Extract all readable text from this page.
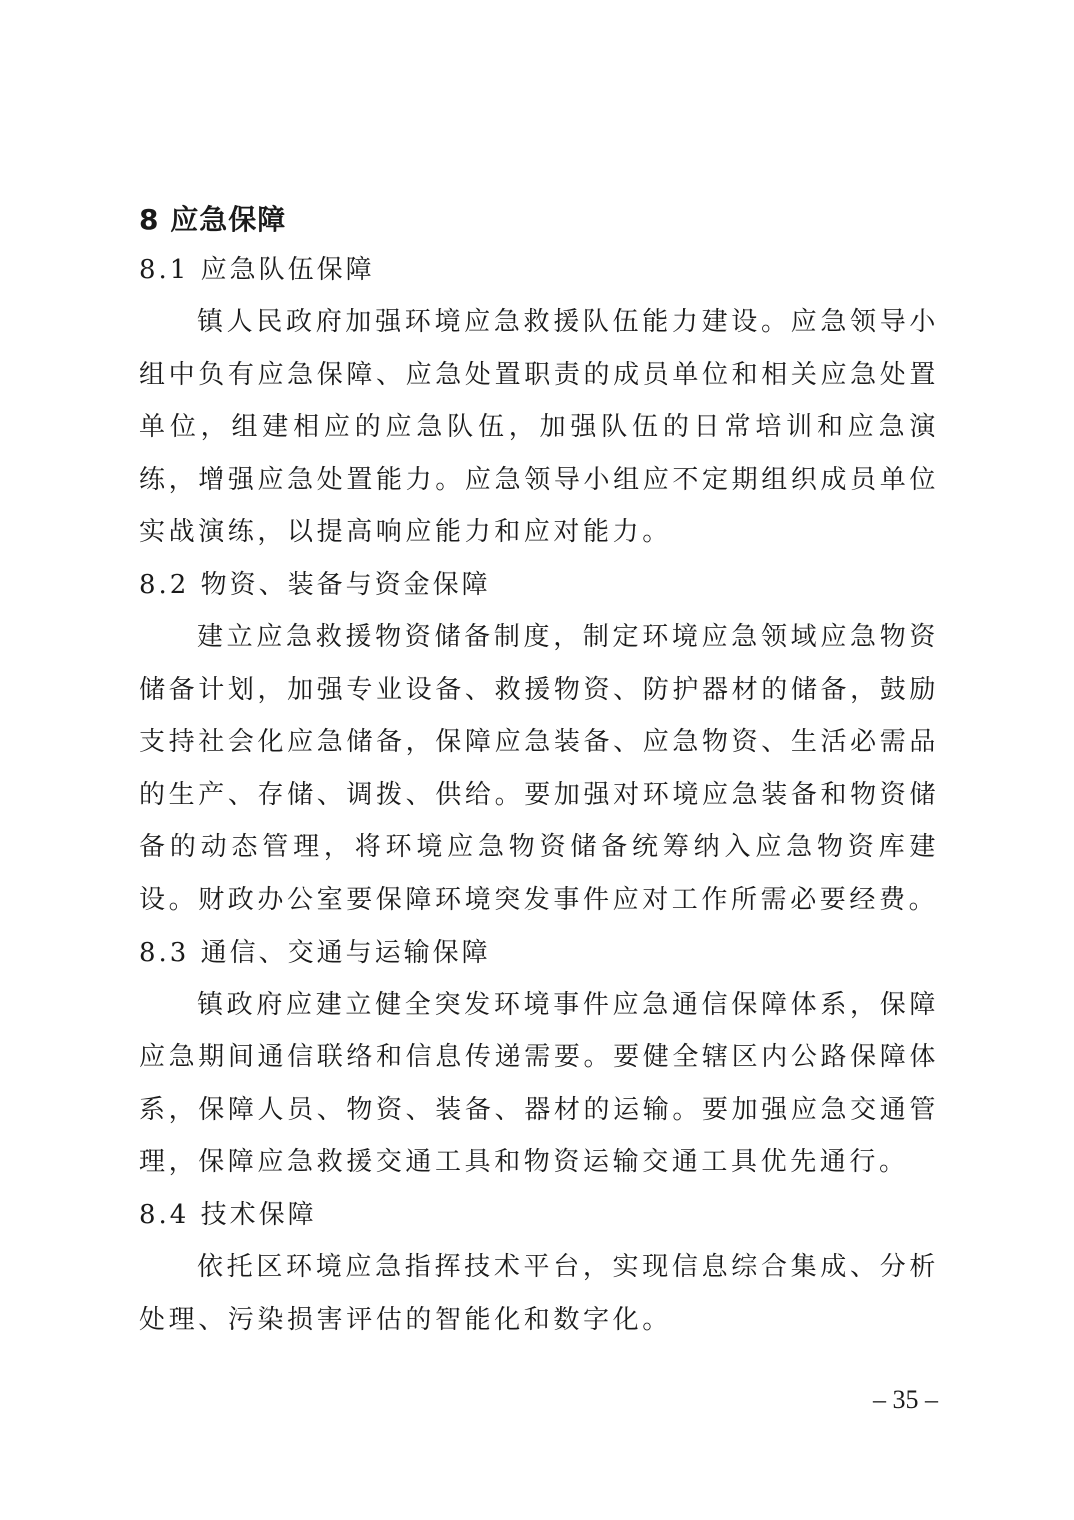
8 应急保障
8.1 应急队伍保障

镇人民政府加强环境应急救援队伍能力建设。应急领导小组中负有应急保障、应急处置职责的成员单位和相关应急处置单位，组建相应的应急队伍，加强队伍的日常培训和应急演练，增强应急处置能力。应急领导小组应不定期组织成员单位实战演练，以提高响应能力和应对能力。

8.2 物资、装备与资金保障

建立应急救援物资储备制度，制定环境应急领域应急物资储备计划，加强专业设备、救援物资、防护器材的储备，鼓励支持社会化应急储备，保障应急装备、应急物资、生活必需品的生产、存储、调拨、供给。要加强对环境应急装备和物资储备的动态管理，将环境应急物资储备统筹纳入应急物资库建设。财政办公室要保障环境突发事件应对工作所需必要经费。

8.3 通信、交通与运输保障

镇政府应建立健全突发环境事件应急通信保障体系，保障应急期间通信联络和信息传递需要。要健全辖区内公路保障体系，保障人员、物资、装备、器材的运输。要加强应急交通管理，保障应急救援交通工具和物资运输交通工具优先通行。

8.4 技术保障

依托区环境应急指挥技术平台，实现信息综合集成、分析处理、污染损害评估的智能化和数字化。

– 35 –
